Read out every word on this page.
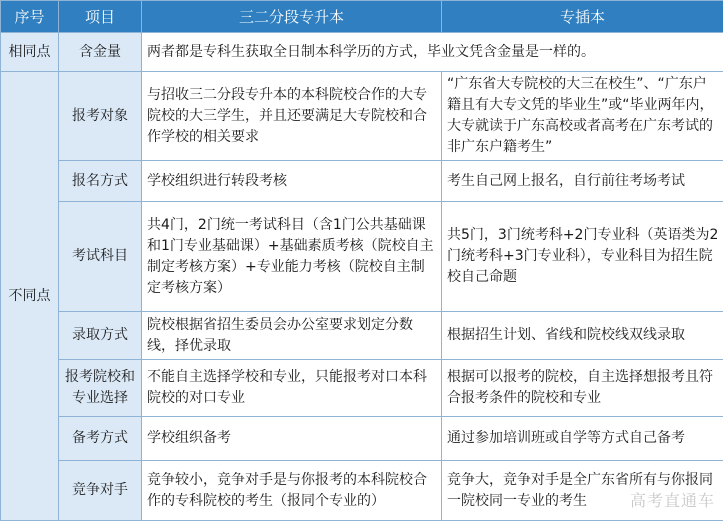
序号	项目	三二分段专升本	专插本
相同点	含金量	两者都是专科生获取全日制本科学历的方式，毕业文凭含金量是一样的。	
不同点	报考对象	与招收三二分段专升本的本科院校合作的大专院校的大三学生，并且还要满足大专院校和合作学校的相关要求	“广东省大专院校的大三在校生”、“广东户籍且有大专文凭的毕业生”或“毕业两年内，大专就读于广东高校或者高考在广东考试的非广东户籍考生”
	报名方式	学校组织进行转段考核	考生自己网上报名，自行前往考场考试
	考试科目	共4门，2门统一考试科目（含1门公共基础课和1门专业基础课）+基础素质考核（院校自主制定考核方案）+专业能力考核（院校自主制定考核方案）	共5门，3门统考科+2门专业科（英语类为2门统考科+3门专业科），专业科目为招生院校自己命题
	录取方式	院校根据省招生委员会办公室要求划定分数线，择优录取	根据招生计划、省线和院校线双线录取
	报考院校和专业选择	不能自主选择学校和专业，只能报考对口本科院校的对口专业	根据可以报考的院校，自主选择想报考且符合报考条件的院校和专业
	备考方式	学校组织备考	通过参加培训班或自学等方式自己备考
	竞争对手	竞争较小，竞争对手是与你报考的本科院校合作的专科院校的考生（报同个专业的）	竞争大，竞争对手是全广东省所有与你报同一院校同一专业的考生	高考直通车
